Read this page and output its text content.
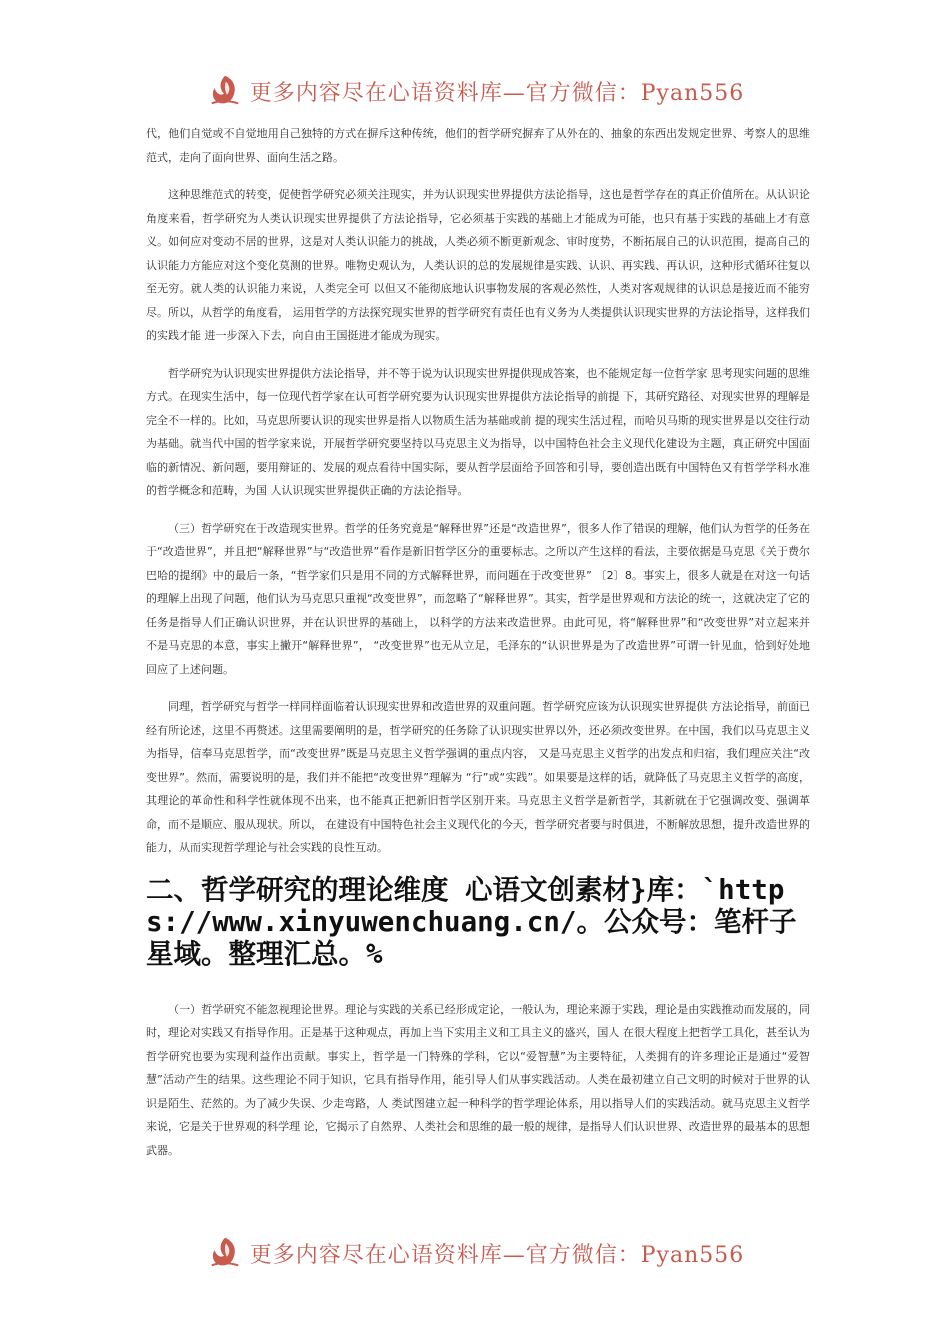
更多内容尽在心语资料库—官方微信：Pyan556

代，他们自觉或不自觉地用自己独特的方式在摒斥这种传统，他们的哲学研究摒弃了从外在的、抽象的东西出发规定世界、考察人的思维范式，走向了面向世界、面向生活之路。

这种思维范式的转变，促使哲学研究必须关注现实，并为认识现实世界提供方法论指导，这也是哲学存在的真正价值所在。从认识论角度来看，哲学研究为人类认识现实世界提供了方法论指导，它必须基于实践的基础上才能成为可能，也只有基于实践的基础上才有意义。如何应对变动不居的世界，这是对人类认识能力的挑战，人类必须不断更新观念、审时度势，不断拓展自己的认识范围，提高自己的认识能力方能应对这个变化莫测的世界。唯物史观认为，人类认识的总的发展规律是实践、认识、再实践、再认识，这种形式循环往复以至无穷。就人类的认识能力来说，人类完全可 以但又不能彻底地认识事物发展的客观必然性，人类对客观规律的认识总是接近而不能穷尽。所以，从哲学的角度看， 运用哲学的方法探究现实世界的哲学研究有责任也有义务为人类提供认识现实世界的方法论指导，这样我们的实践才能 进一步深入下去，向自由王国挺进才能成为现实。

哲学研究为认识现实世界提供方法论指导，并不等于说为认识现实世界提供现成答案，也不能规定每一位哲学家 思考现实问题的思维方式。在现实生活中，每一位现代哲学家在认可哲学研究要为认识现实世界提供方法论指导的前提 下，其研究路径、对现实世界的理解是完全不一样的。比如，马克思所要认识的现实世界是指人以物质生活为基础或前 提的现实生活过程，而哈贝马斯的现实世界是以交往行动为基础。就当代中国的哲学家来说，开展哲学研究要坚持以马克思主义为指导，以中国特色社会主义现代化建设为主题，真正研究中国面临的新情况、新问题，要用辩证的、发展的观点看待中国实际，要从哲学层面给予回答和引导，要创造出既有中国特色又有哲学学科水准的哲学概念和范畴，为国 人认识现实世界提供正确的方法论指导。

（三）哲学研究在于改造现实世界。哲学的任务究竟是“解释世界”还是“改造世界”，很多人作了错误的理解，他们认为哲学的任务在于“改造世界”，并且把“解释世界”与“改造世界”看作是新旧哲学区分的重要标志。之所以产生这样的看法，主要依据是马克思《关于费尔巴哈的提纲》中的最后一条，“哲学家们只是用不同的方式解释世界，而问题在于改变世界” 〔2〕8。事实上，很多人就是在对这一句话的理解上出现了问题，他们认为马克思只重视“改变世界”，而忽略了“解释世界”。其实，哲学是世界观和方法论的统一，这就决定了它的任务是指导人们正确认识世界，并在认识世界的基础上， 以科学的方法来改造世界。由此可见，将“解释世界”和“改变世界”对立起来并不是马克思的本意，事实上撇开“解释世界”， “改变世界”也无从立足，毛泽东的“认识世界是为了改造世界”可谓一针见血，恰到好处地回应了上述问题。

同理，哲学研究与哲学一样同样面临着认识现实世界和改造世界的双重问题。哲学研究应该为认识现实世界提供 方法论指导，前面已经有所论述，这里不再赘述。这里需要阐明的是，哲学研究的任务除了认识现实世界以外，还必须改变世界。在中国，我们以马克思主义为指导，信奉马克思哲学，而“改变世界”既是马克思主义哲学强调的重点内容， 又是马克思主义哲学的出发点和归宿，我们理应关注“改变世界”。然而，需要说明的是，我们并不能把“改变世界”理解为 “行”或“实践”。如果要是这样的话，就降低了马克思主义哲学的高度，其理论的革命性和科学性就体现不出来，也不能真正把新旧哲学区别开来。马克思主义哲学是新哲学，其新就在于它强调改变、强调革命，而不是顺应、服从现状。所以， 在建设有中国特色社会主义现代化的今天，哲学研究者要与时俱进，不断解放思想，提升改造世界的能力，从而实现哲学理论与社会实践的良性互动。

二、哲学研究的理论维度 心语文创素材}库：`https://www.xinyuwenchuang.cn/。公众号：笔杆子星域。整理汇总。%

（一）哲学研究不能忽视理论世界。理论与实践的关系已经形成定论，一般认为，理论来源于实践，理论是由实践推动而发展的，同时，理论对实践又有指导作用。正是基于这种观点，再加上当下实用主义和工具主义的盛兴，国人 在很大程度上把哲学工具化，甚至认为哲学研究也要为实现利益作出贡献。事实上，哲学是一门特殊的学科，它以“爱智慧”为主要特征，人类拥有的许多理论正是通过“爱智慧”活动产生的结果。这些理论不同于知识，它具有指导作用，能引导人们从事实践活动。人类在最初建立自己文明的时候对于世界的认识是陌生、茫然的。为了减少失误、少走弯路，人 类试图建立起一种科学的哲学理论体系，用以指导人们的实践活动。就马克思主义哲学来说，它是关于世界观的科学理 论，它揭示了自然界、人类社会和思维的最一般的规律，是指导人们认识世界、改造世界的最基本的思想武器。

更多内容尽在心语资料库—官方微信：Pyan556
